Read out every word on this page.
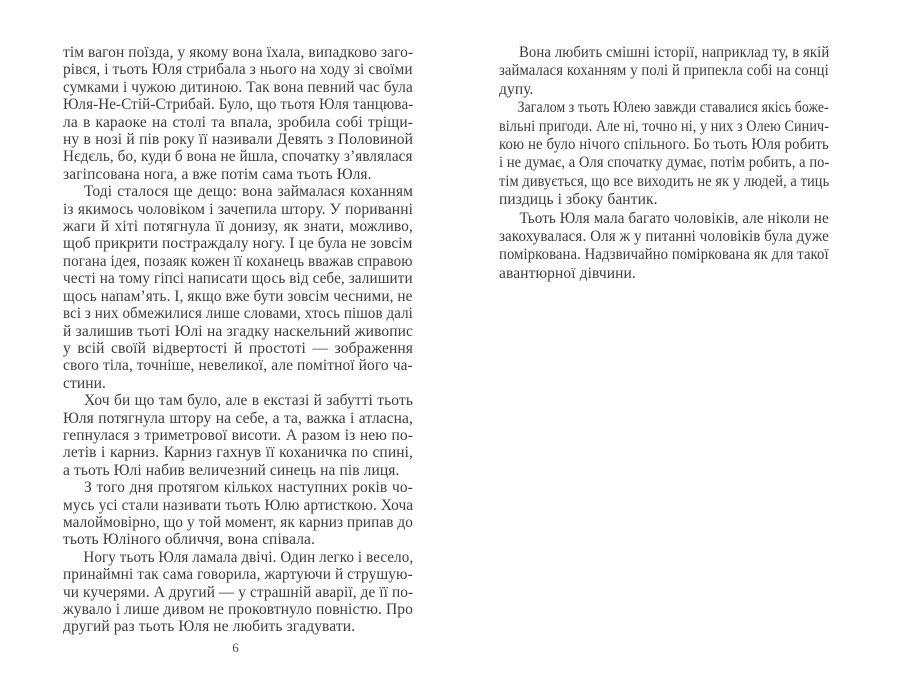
тім вагон поїзда, у якому вона їхала, випадково заго-
рівся, і тьоть Юля стрибала з нього на ходу зі своїми
сумками і чужою дитиною. Так вона певний час була
Юля-Не-Стій-Стрибай. Було, що тьотя Юля танцюва-
ла в караоке на столі та впала, зробила собі тріщи-
ну в нозі й пів року її називали Девять з Половиной
Нєдєль, бо, куди б вона не йшла, спочатку з’являлася
загіпсована нога, а вже потім сама тьоть Юля.
Тоді сталося ще дещо: вона займалася коханням
із якимось чоловіком і зачепила штору. У пориванні
жаги й хіті потягнула її донизу, як знати, можливо,
щоб прикрити постраждалу ногу. І це була не зовсім
погана ідея, позаяк кожен її коханець вважав справою
честі на тому гіпсі написати щось від себе, залишити
щось напам’ять. І, якщо вже бути зовсім чесними, не
всі з них обмежилися лише словами, хтось пішов далі
й залишив тьоті Юлі на згадку наскельний живопис
у всій своїй відвертості й простоті — зображення
свого тіла, точніше, невеликої, але помітної його ча-
стини.
Хоч би що там було, але в екстазі й забутті тьоть
Юля потягнула штору на себе, а та, важка і атласна,
гепнулася з триметрової висоти. А разом із нею по-
летів і карниз. Карниз гахнув її коханичка по спині,
а тьоть Юлі набив величезний синець на пів лиця.
З того дня протягом кількох наступних років чо-
мусь усі стали називати тьоть Юлю артисткою. Хоча
малоймовірно, що у той момент, як карниз припав до
тьоть Юліного обличчя, вона співала.
Ногу тьоть Юля ламала двічі. Один легко і весело,
принаймні так сама говорила, жартуючи й струшую-
чи кучерями. А другий — у страшній аварії, де її по-
жувало і лише дивом не проковтнуло повністю. Про
другий раз тьоть Юля не любить згадувати.
Вона любить смішні історії, наприклад ту, в якій
займалася коханням у полі й припекла собі на сонці
дупу.
Загалом з тьоть Юлею завжди ставалися якісь боже-
вільні пригоди. Але ні, точно ні, у них з Олею Синич-
кою не було нічого спільного. Бо тьоть Юля робить
і не думає, а Оля спочатку думає, потім робить, а по-
тім дивується, що все виходить не як у людей, а тиць
пиздиць і збоку бантик.
Тьоть Юля мала багато чоловіків, але ніколи не
закохувалася. Оля ж у питанні чоловіків була дуже
поміркована. Надзвичайно поміркована як для такої
авантюрної дівчини.
6
